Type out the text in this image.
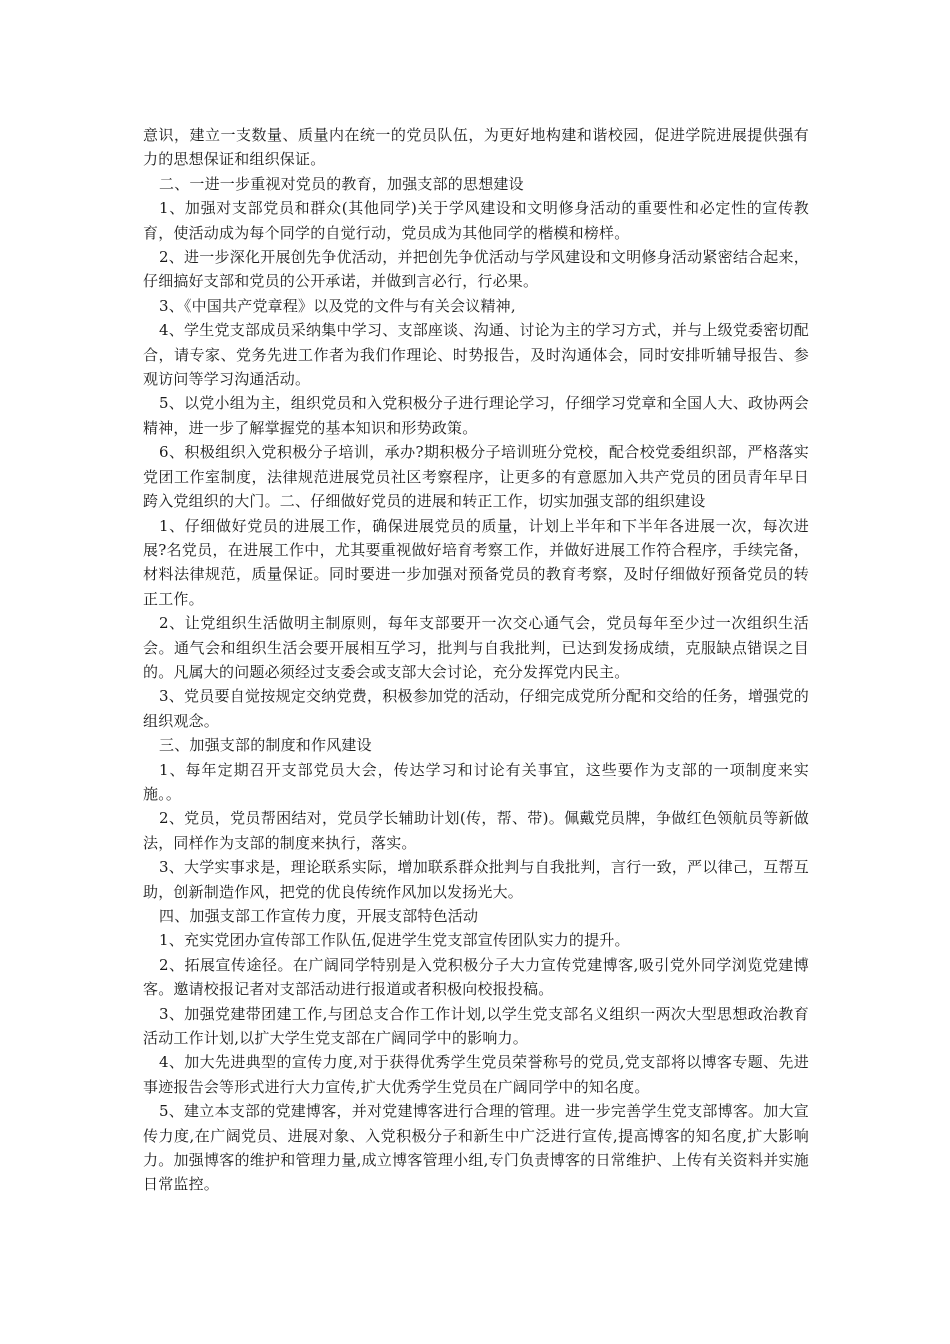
意识，建立一支数量、质量内在统一的党员队伍，为更好地构建和谐校园，促进学院进展提供强有力的思想保证和组织保证。

二、一进一步重视对党员的教育，加强支部的思想建设

1、加强对支部党员和群众(其他同学)关于学风建设和文明修身活动的重要性和必定性的宣传教育，使活动成为每个同学的自觉行动，党员成为其他同学的楷模和榜样。

2、进一步深化开展创先争优活动，并把创先争优活动与学风建设和文明修身活动紧密结合起来，仔细搞好支部和党员的公开承诺，并做到言必行，行必果。

3、《中国共产党章程》以及党的文件与有关会议精神,

4、学生党支部成员采纳集中学习、支部座谈、沟通、讨论为主的学习方式，并与上级党委密切配合，请专家、党务先进工作者为我们作理论、时势报告，及时沟通体会，同时安排听辅导报告、参观访问等学习沟通活动。

5、以党小组为主，组织党员和入党积极分子进行理论学习，仔细学习党章和全国人大、政协两会精神，进一步了解掌握党的基本知识和形势政策。

6、积极组织入党积极分子培训，承办?期积极分子培训班分党校，配合校党委组织部，严格落实党团工作室制度，法律规范进展党员社区考察程序，让更多的有意愿加入共产党员的团员青年早日跨入党组织的大门。二、仔细做好党员的进展和转正工作，切实加强支部的组织建设

1、仔细做好党员的进展工作，确保进展党员的质量，计划上半年和下半年各进展一次，每次进展?名党员，在进展工作中，尤其要重视做好培育考察工作，并做好进展工作符合程序，手续完备，材料法律规范，质量保证。同时要进一步加强对预备党员的教育考察，及时仔细做好预备党员的转正工作。

2、让党组织生活做明主制原则，每年支部要开一次交心通气会，党员每年至少过一次组织生活会。通气会和组织生活会要开展相互学习，批判与自我批判，已达到发扬成绩，克服缺点错误之目的。凡属大的问题必须经过支委会或支部大会讨论，充分发挥党内民主。

3、党员要自觉按规定交纳党费，积极参加党的活动，仔细完成党所分配和交给的任务，增强党的组织观念。

三、加强支部的制度和作风建设

1、每年定期召开支部党员大会，传达学习和讨论有关事宜，这些要作为支部的一项制度来实施。。

2、党员，党员帮困结对，党员学长辅助计划(传，帮、带)。佩戴党员牌，争做红色领航员等新做法，同样作为支部的制度来执行，落实。

3、大学实事求是，理论联系实际，增加联系群众批判与自我批判，言行一致，严以律己，互帮互助，创新制造作风，把党的优良传统作风加以发扬光大。

四、加强支部工作宣传力度，开展支部特色活动

1、充实党团办宣传部工作队伍,促进学生党支部宣传团队实力的提升。

2、拓展宣传途径。在广阔同学特别是入党积极分子大力宣传党建博客,吸引党外同学浏览党建博客。邀请校报记者对支部活动进行报道或者积极向校报投稿。

3、加强党建带团建工作,与团总支合作工作计划,以学生党支部名义组织一两次大型思想政治教育活动工作计划,以扩大学生党支部在广阔同学中的影响力。

4、加大先进典型的宣传力度,对于获得优秀学生党员荣誉称号的党员,党支部将以博客专题、先进事迹报告会等形式进行大力宣传,扩大优秀学生党员在广阔同学中的知名度。

5、建立本支部的党建博客，并对党建博客进行合理的管理。进一步完善学生党支部博客。加大宣传力度,在广阔党员、进展对象、入党积极分子和新生中广泛进行宣传,提高博客的知名度,扩大影响力。加强博客的维护和管理力量,成立博客管理小组,专门负责博客的日常维护、上传有关资料并实施日常监控。
